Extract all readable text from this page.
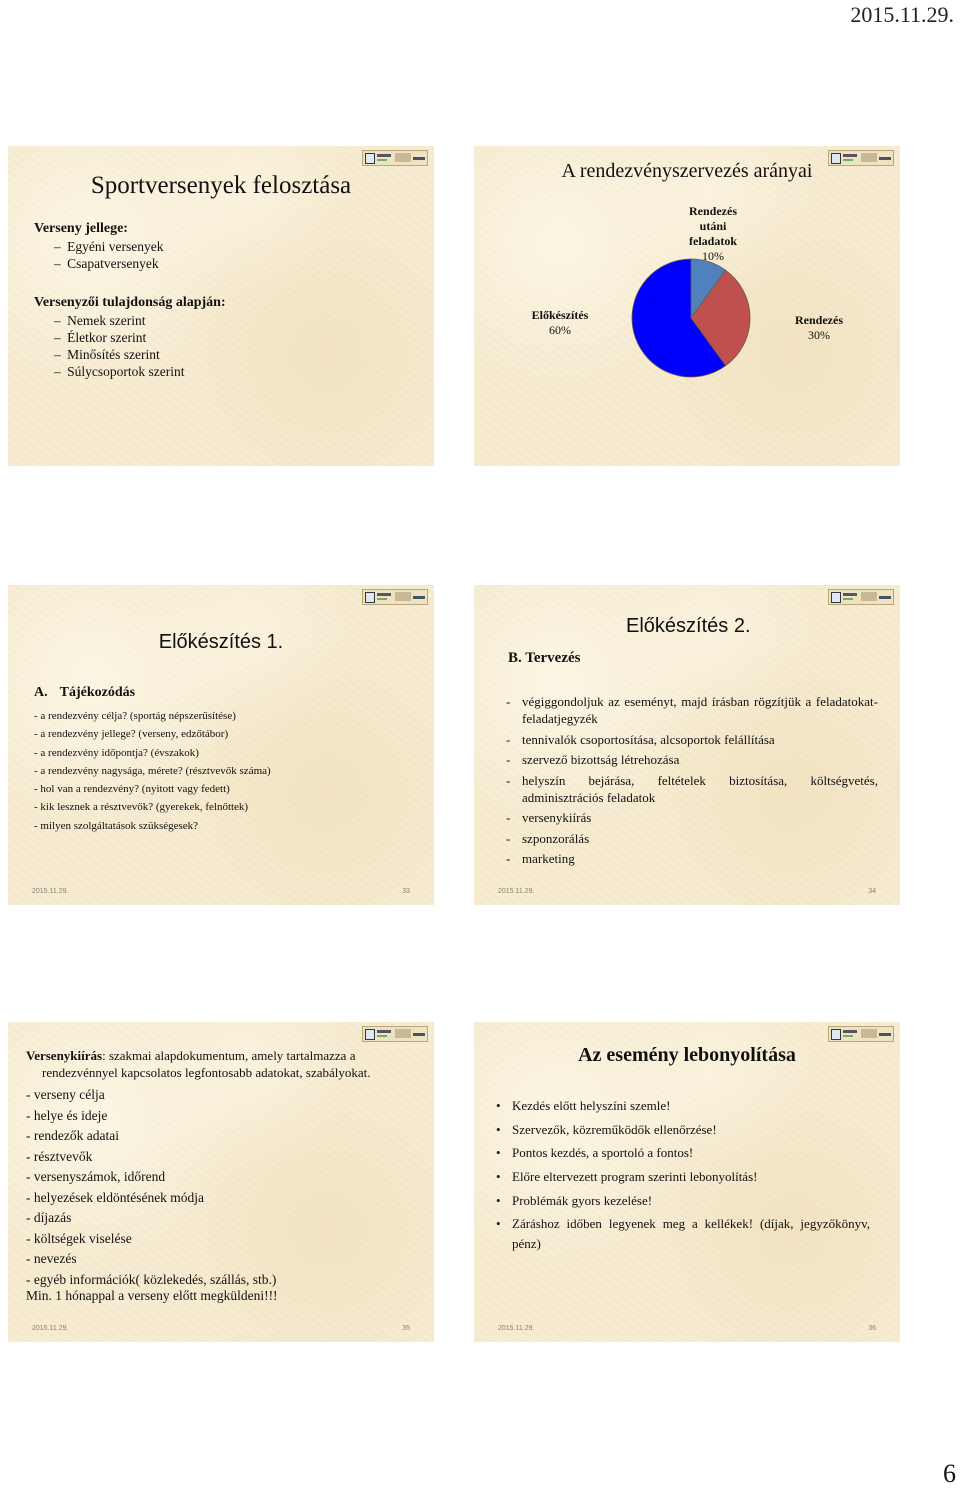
2015.11.29.
Sportversenyek felosztása
Verseny jellege:
– Egyéni versenyek
– Csapatversenyek
Versenyzői tulajdonság alapján:
– Nemek szerint
– Életkor szerint
– Minősítés szerint
– Súlycsoportok szerint
A rendezvényszervezés arányai
Rendezés
utáni
feladatok
10%
Rendezés
30%
Előkészítés
60%
Előkészítés 1.
A. Tájékozódás
- a rendezvény célja? (sportág népszerűsítése)
- a rendezvény jellege? (verseny, edzőtábor)
- a rendezvény időpontja? (évszakok)
- a rendezvény nagysága, mérete? (résztvevők száma)
- hol van a rendezvény? (nyitott vagy fedett)
- kik lesznek a résztvevők? (gyerekek, felnőttek)
- milyen szolgáltatások szükségesek?
2015.11.29.	33
Előkészítés 2.
B. Tervezés
- végiggondoljuk az eseményt, majd írásban rögzítjük a feladatokat-feladatjegyzék
- tennivalók csoportosítása, alcsoportok felállítása
- szervező bizottság létrehozása
- helyszín bejárása, feltételek biztosítása, költségvetés, adminisztrációs feladatok
- versenykiírás
- szponzorálás
- marketing
2015.11.29.	34
Versenykiírás: szakmai alapdokumentum, amely tartalmazza a
rendezvénnyel kapcsolatos legfontosabb adatokat, szabályokat.
- verseny célja
- helye és ideje
- rendezők adatai
- résztvevők
- versenyszámok, időrend
- helyezések eldöntésének módja
- díjazás
- költségek viselése
- nevezés
- egyéb információk( közlekedés, szállás, stb.)
Min. 1 hónappal a verseny előtt megküldeni!!!
2015.11.29.	35
Az esemény lebonyolítása
• Kezdés előtt helyszíni szemle!
• Szervezők, közreműködők ellenőrzése!
• Pontos kezdés, a sportoló a fontos!
• Előre eltervezett program szerinti lebonyolítás!
• Problémák gyors kezelése!
• Záráshoz időben legyenek meg a kellékek! (díjak, jegyzőkönyv, pénz)
2015.11.29.	36
6
